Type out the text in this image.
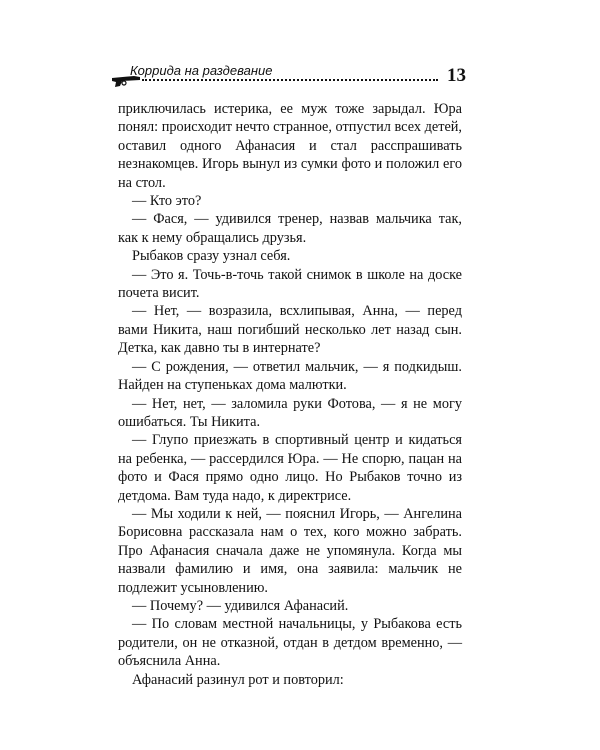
Коррида на раздевание	13

приключилась истерика, ее муж тоже зарыдал. Юра понял: происходит нечто странное, отпустил всех детей, оставил одного Афанасия и стал расспрашивать незнакомцев. Игорь вынул из сумки фото и положил его на стол.

— Кто это?

— Фася, — удивился тренер, назвав мальчика так, как к нему обращались друзья.

Рыбаков сразу узнал себя.

— Это я. Точь-в-точь такой снимок в школе на доске почета висит.

— Нет, — возразила, всхлипывая, Анна, — перед вами Никита, наш погибший несколько лет назад сын. Детка, как давно ты в интернате?

— С рождения, — ответил мальчик, — я подкидыш. Найден на ступеньках дома малютки.

— Нет, нет, — заломила руки Фотова, — я не могу ошибаться. Ты Никита.

— Глупо приезжать в спортивный центр и кидаться на ребенка, — рассердился Юра. — Не спорю, пацан на фото и Фася прямо одно лицо. Но Рыбаков точно из детдома. Вам туда надо, к директрисе.

— Мы ходили к ней, — пояснил Игорь, — Ангелина Борисовна рассказала нам о тех, кого можно забрать. Про Афанасия сначала даже не упомянула. Когда мы назвали фамилию и имя, она заявила: мальчик не подлежит усыновлению.

— Почему? — удивился Афанасий.

— По словам местной начальницы, у Рыбакова есть родители, он не отказной, отдан в детдом временно, — объяснила Анна.

Афанасий разинул рот и повторил:
